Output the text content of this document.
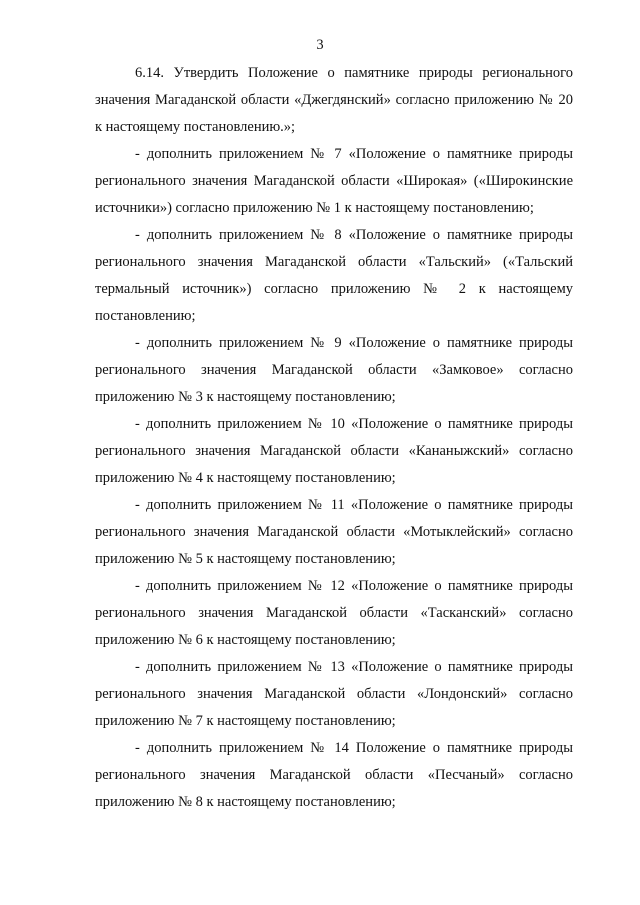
3

6.14. Утвердить Положение о памятнике природы регионального значения Магаданской области «Джегдянский» согласно приложению № 20 к настоящему постановлению.»;

- дополнить приложением № 7 «Положение о памятнике природы регионального значения Магаданской области «Широкая» («Широкинские источники») согласно приложению № 1 к настоящему постановлению;

- дополнить приложением № 8 «Положение о памятнике природы регионального значения Магаданской области «Тальский» («Тальский термальный источник») согласно приложению № 2 к настоящему постановлению;

- дополнить приложением № 9 «Положение о памятнике природы регионального значения Магаданской области «Замковое» согласно приложению № 3 к настоящему постановлению;

- дополнить приложением № 10 «Положение о памятнике природы регионального значения Магаданской области «Кананыжский» согласно приложению № 4 к настоящему постановлению;

- дополнить приложением № 11 «Положение о памятнике природы регионального значения Магаданской области «Мотыклейский» согласно приложению № 5 к настоящему постановлению;

- дополнить приложением № 12 «Положение о памятнике природы регионального значения Магаданской области «Тасканский» согласно приложению № 6 к настоящему постановлению;

- дополнить приложением № 13 «Положение о памятнике природы регионального значения Магаданской области «Лондонский» согласно приложению № 7 к настоящему постановлению;

- дополнить приложением № 14 Положение о памятнике природы регионального значения Магаданской области «Песчаный» согласно приложению № 8 к настоящему постановлению;
